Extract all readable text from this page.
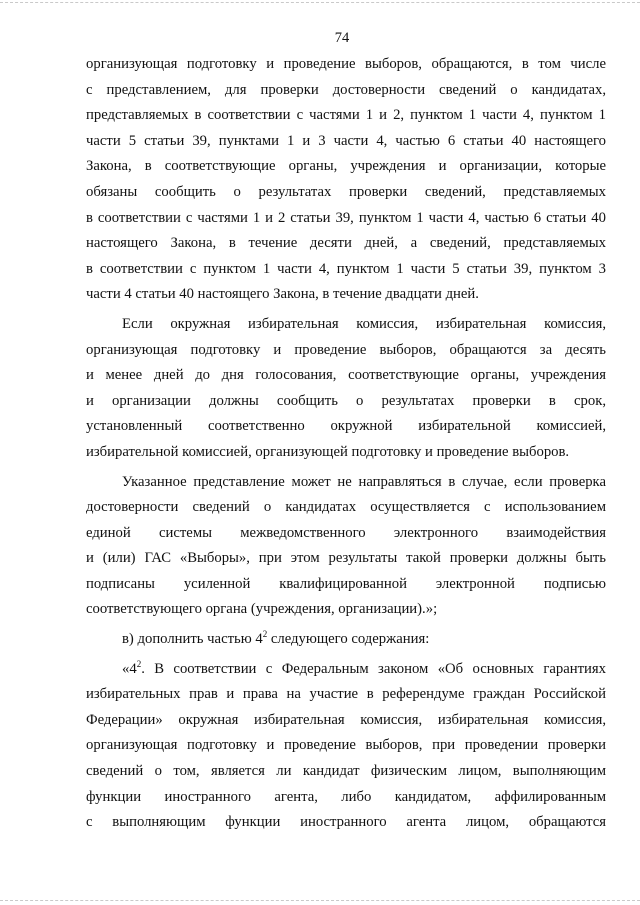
74
организующая подготовку и проведение выборов, обращаются, в том числе
с представлением, для проверки достоверности сведений о кандидатах,
представляемых в соответствии с частями 1 и 2, пунктом 1 части 4, пунктом 1
части 5 статьи 39, пунктами 1 и 3 части 4, частью 6 статьи 40 настоящего
Закона, в соответствующие органы, учреждения и организации, которые
обязаны сообщить о результатах проверки сведений, представляемых
в соответствии с частями 1 и 2 статьи 39, пунктом 1 части 4, частью 6 статьи 40
настоящего Закона, в течение десяти дней, а сведений, представляемых
в соответствии с пунктом 1 части 4, пунктом 1 части 5 статьи 39, пунктом 3
части 4 статьи 40 настоящего Закона, в течение двадцати дней.
Если окружная избирательная комиссия, избирательная комиссия,
организующая подготовку и проведение выборов, обращаются за десять
и менее дней до дня голосования, соответствующие органы, учреждения
и организации должны сообщить о результатах проверки в срок,
установленный соответственно окружной избирательной комиссией,
избирательной комиссией, организующей подготовку и проведение выборов.
Указанное представление может не направляться в случае, если проверка
достоверности сведений о кандидатах осуществляется с использованием
единой системы межведомственного электронного взаимодействия
и (или) ГАС «Выборы», при этом результаты такой проверки должны быть
подписаны усиленной квалифицированной электронной подписью
соответствующего органа (учреждения, организации).»;
в) дополнить частью $4^2$ следующего содержания:
«$4^2$. В соответствии с Федеральным законом «Об основных гарантиях
избирательных прав и права на участие в референдуме граждан Российской
Федерации» окружная избирательная комиссия, избирательная комиссия,
организующая подготовку и проведение выборов, при проведении проверки
сведений о том, является ли кандидат физическим лицом, выполняющим
функции иностранного агента, либо кандидатом, аффилированным
с выполняющим функции иностранного агента лицом, обращаются
